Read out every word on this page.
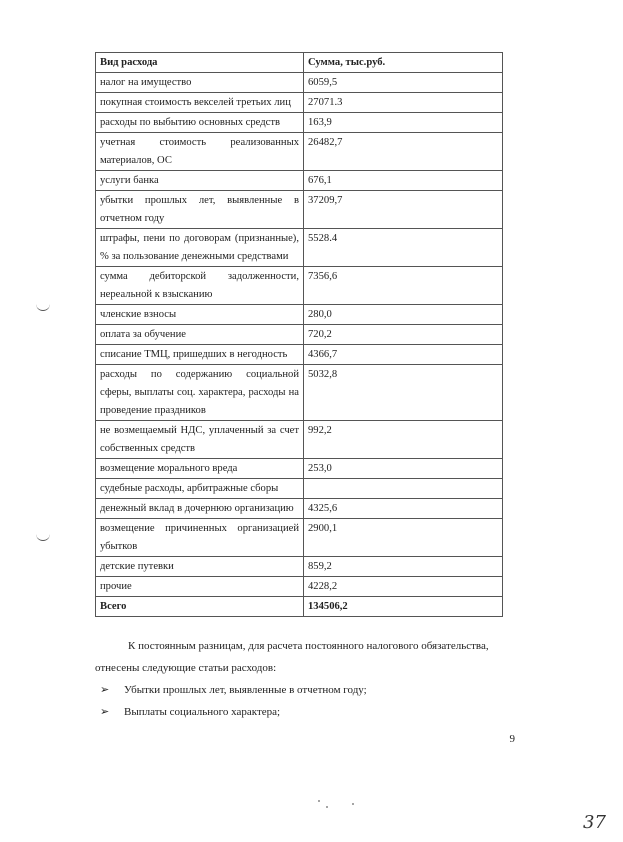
Вид расхода	Сумма, тыс.руб.
налог на имущество	6059,5
покупная стоимость векселей третьих лиц	27071.3
расходы по выбытию основных средств	163,9
учетная стоимость реализованных материалов, ОС	26482,7
услуги банка	676,1
убытки прошлых лет, выявленные в отчетном году	37209,7
штрафы, пени по договорам (признанные), % за пользование денежными средствами	5528.4
сумма дебиторской задолженности, нереальной к взысканию	7356,6
членские взносы	280,0
оплата за обучение	720,2
списание ТМЦ, пришедших в негодность	4366,7
расходы по содержанию социальной сферы, выплаты соц. характера, расходы на проведение праздников	5032,8
не возмещаемый НДС, уплаченный за счет собственных средств	992,2
возмещение морального вреда	253,0
судебные расходы, арбитражные сборы	
денежный вклад в дочернюю организацию	4325,6
возмещение причиненных организацией убытков	2900,1
детские путевки	859,2
прочие	4228,2
Всего	134506,2
К постоянным разницам, для расчета постоянного налогового обязательства, отнесены следующие статьи расходов:
➢ Убытки прошлых лет, выявленные в отчетном году;
➢ Выплаты социального характера;
9
37
